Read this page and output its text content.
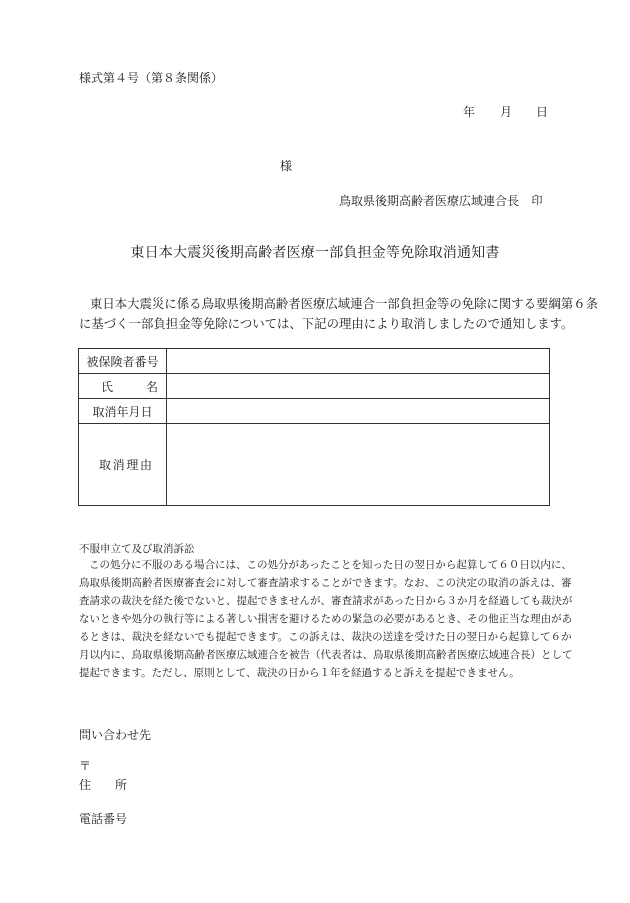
様式第４号（第８条関係）
年 月 日
様
鳥取県後期高齢者医療広域連合長 印
東日本大震災後期高齢者医療一部負担金等免除取消通知書
東日本大震災に係る鳥取県後期高齢者医療広域連合一部負担金等の免除に関する要綱第６条
に基づく一部負担金等免除については、下記の理由により取消しましたので通知します。
被保険者番号	

氏 名	

取消年月日	

取 消 理 由	

不服申立て及び取消訴訟
この処分に不服のある場合には、この処分があったことを知った日の翌日から起算して６０日以内に、
鳥取県後期高齢者医療審査会に対して審査請求することができます。なお、この決定の取消の訴えは、審
査請求の裁決を経た後でないと、提起できませんが、審査請求があった日から３か月を経過しても裁決が
ないときや処分の執行等による著しい損害を避けるための緊急の必要があるとき、その他正当な理由があ
るときは、裁決を経ないでも提起できます。この訴えは、裁決の送達を受けた日の翌日から起算して６か
月以内に、鳥取県後期高齢者医療広域連合を被告（代表者は、鳥取県後期高齢者医療広域連合長）として
提起できます。ただし、原則として、裁決の日から１年を経過すると訴えを提起できません。
問い合わせ先
〒
住　　所
電話番号
